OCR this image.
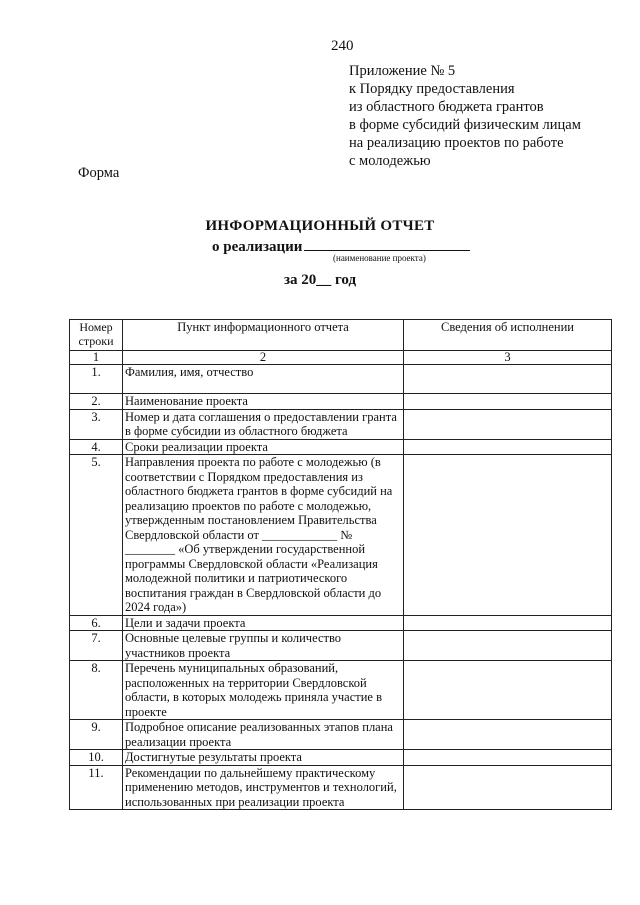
240
Приложение № 5
к Порядку предоставления
из областного бюджета грантов
в форме субсидий физическим лицам
на реализацию проектов по работе
с молодежью
Форма
ИНФОРМАЦИОННЫЙ ОТЧЕТ
о реализации
(наименование проекта)
за 20__ год
Номер
строки	Пункт информационного отчета	Сведения об исполнении
1	2	3
1.	Фамилия, имя, отчество	
2.	Наименование проекта	
3.	Номер и дата соглашения о предоставлении гранта в форме субсидии из областного бюджета	
4.	Сроки реализации проекта	
5.	Направления проекта по работе с молодежью (в соответствии с Порядком предоставления из областного бюджета грантов в форме субсидий на реализацию проектов по работе с молодежью, утвержденным постановлением Правительства Свердловской области от ____________ № ________ «Об утверждении государственной программы Свердловской области «Реализация молодежной политики и патриотического воспитания граждан в Свердловской области до 2024 года»)	
6.	Цели и задачи проекта	
7.	Основные целевые группы и количество участников проекта	
8.	Перечень муниципальных образований, расположенных на территории Свердловской области, в которых молодежь приняла участие в проекте	
9.	Подробное описание реализованных этапов плана реализации проекта	
10.	Достигнутые результаты проекта	
11.	Рекомендации по дальнейшему практическому применению методов, инструментов и технологий, использованных при реализации проекта	
